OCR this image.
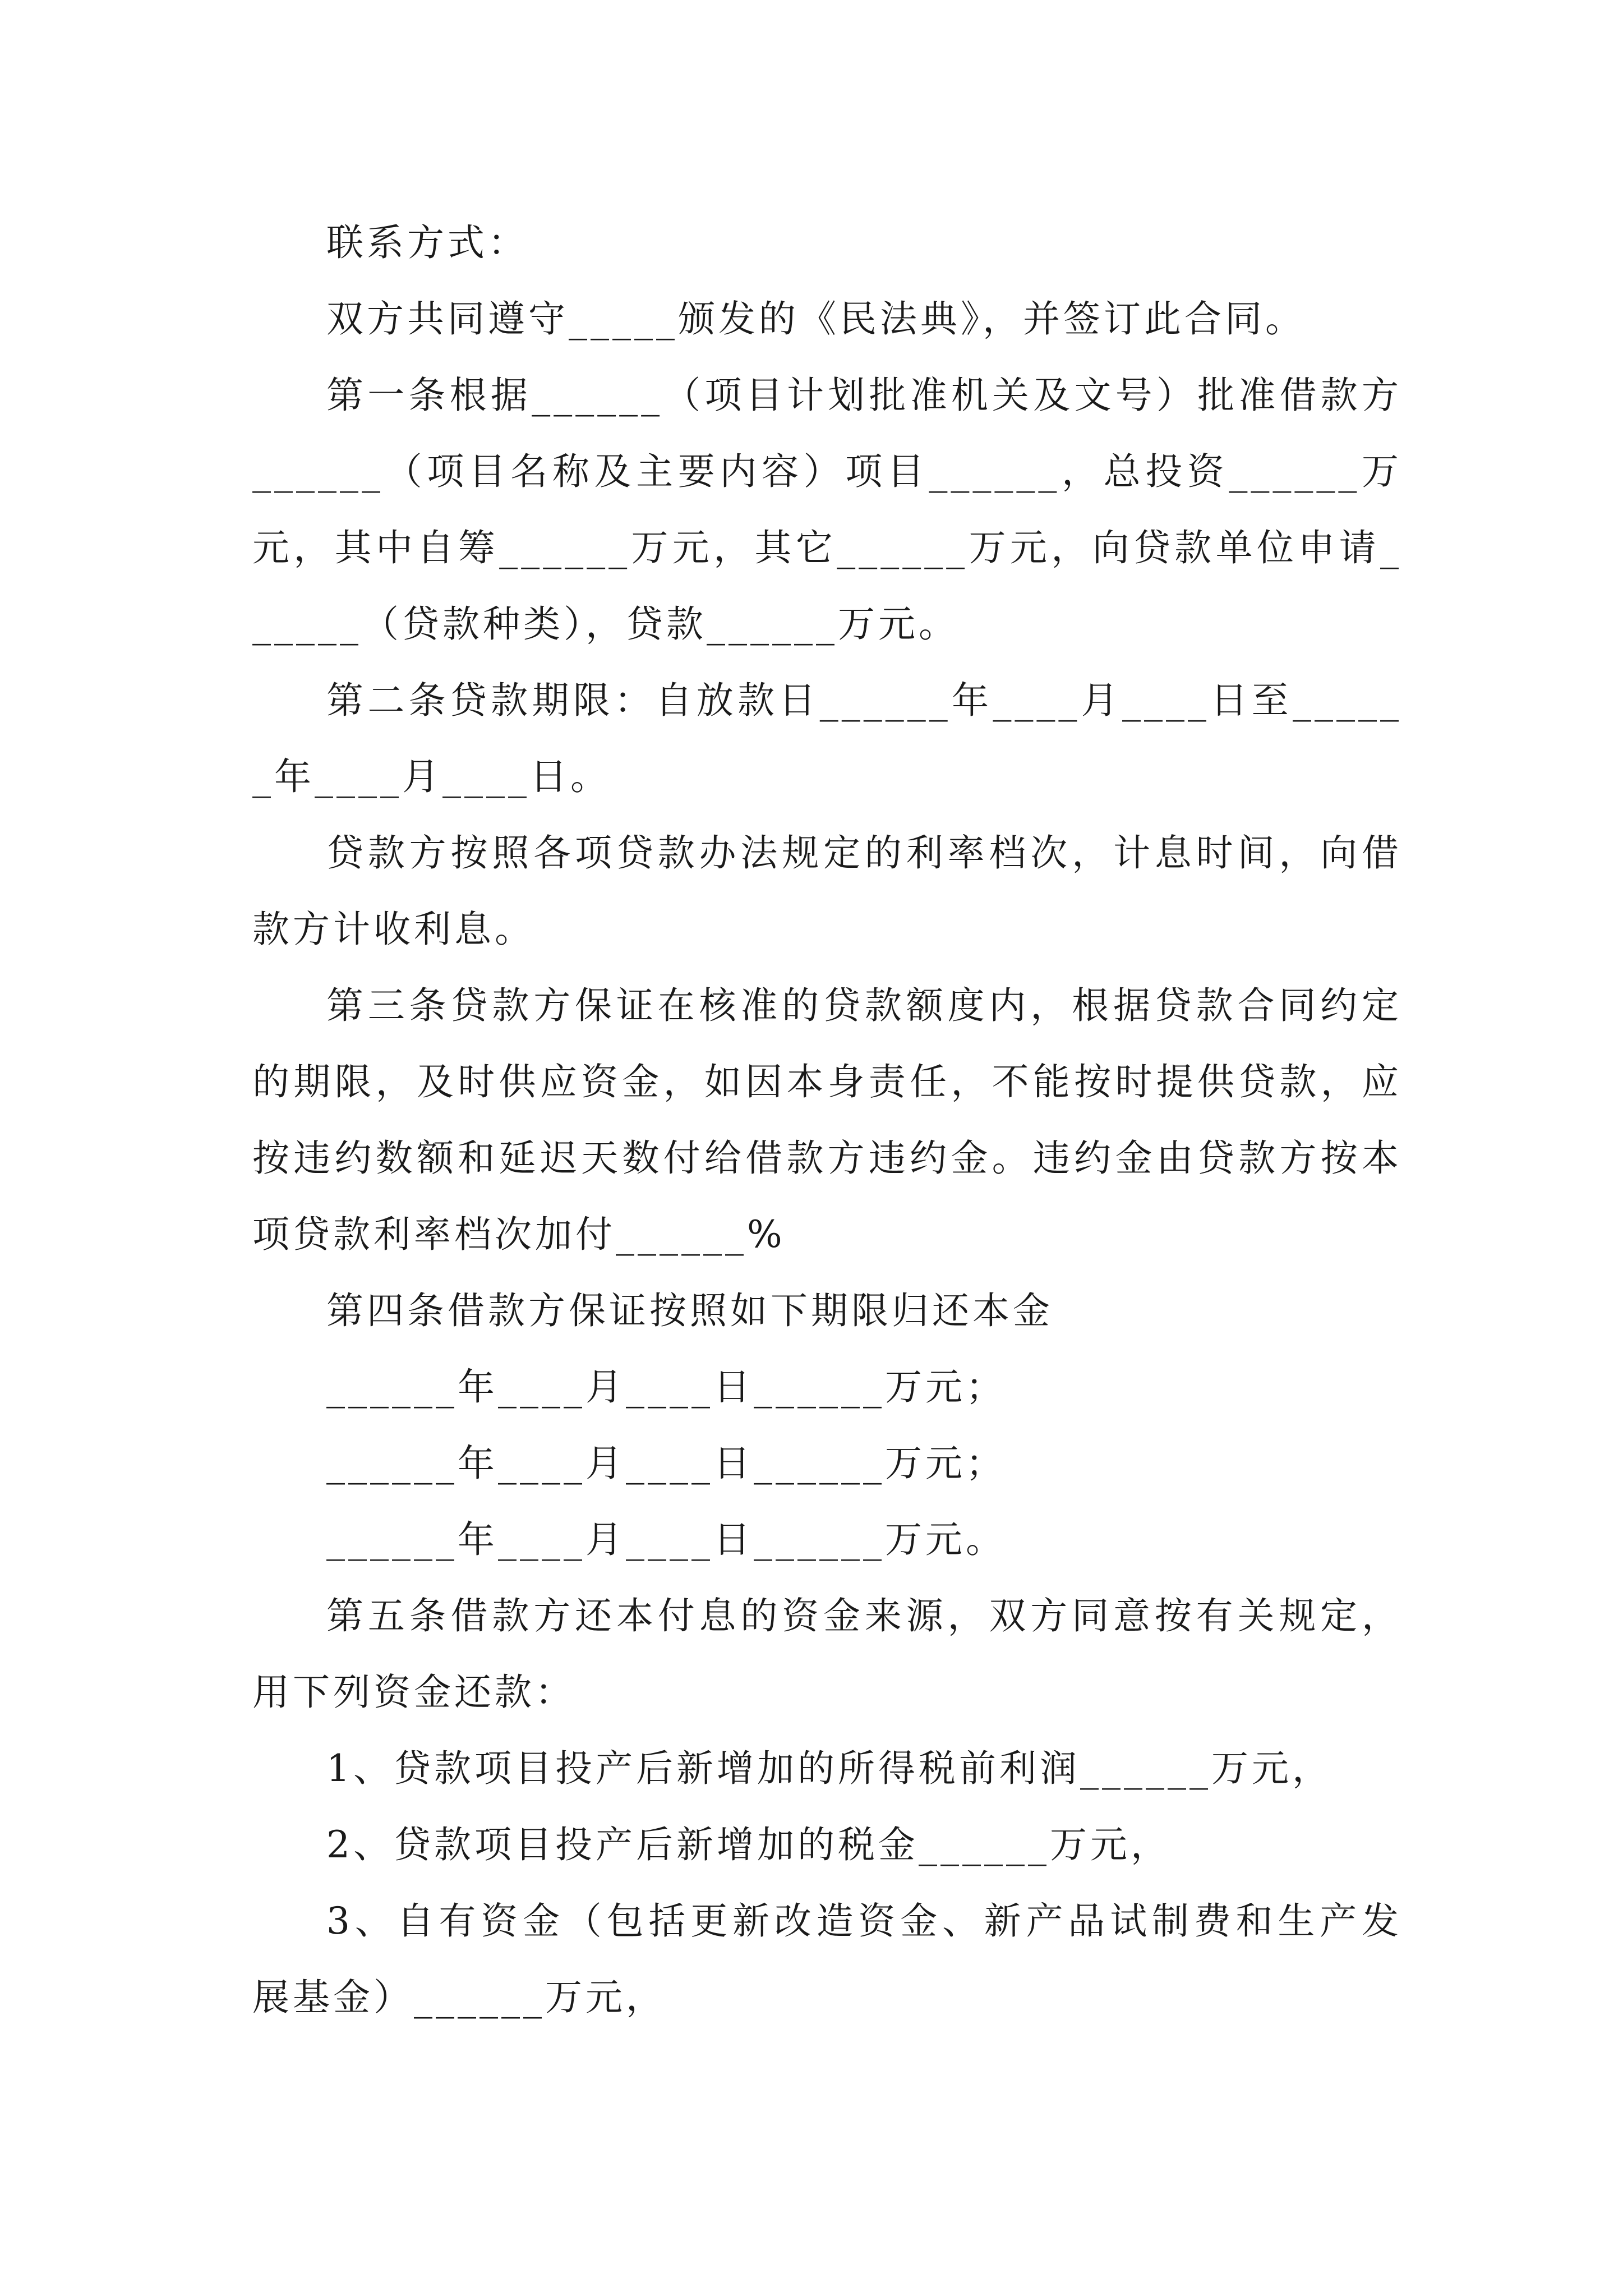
联系方式：

双方共同遵守_____颁发的《民法典》，并签订此合同。

第一条根据______（项目计划批准机关及文号）批准借款方______（项目名称及主要内容）项目______，总投资______万元，其中自筹______万元，其它______万元，向贷款单位申请______（贷款种类），贷款______万元。

第二条贷款期限：自放款日______年____月____日至______年____月____日。

贷款方按照各项贷款办法规定的利率档次，计息时间，向借款方计收利息。

第三条贷款方保证在核准的贷款额度内，根据贷款合同约定的期限，及时供应资金，如因本身责任，不能按时提供贷款，应按违约数额和延迟天数付给借款方违约金。违约金由贷款方按本项贷款利率档次加付______%

第四条借款方保证按照如下期限归还本金

______年____月____日______万元；

______年____月____日______万元；

______年____月____日______万元。

第五条借款方还本付息的资金来源，双方同意按有关规定，用下列资金还款：

1、贷款项目投产后新增加的所得税前利润______万元，

2、贷款项目投产后新增加的税金______万元，

3、自有资金（包括更新改造资金、新产品试制费和生产发展基金）______万元，
